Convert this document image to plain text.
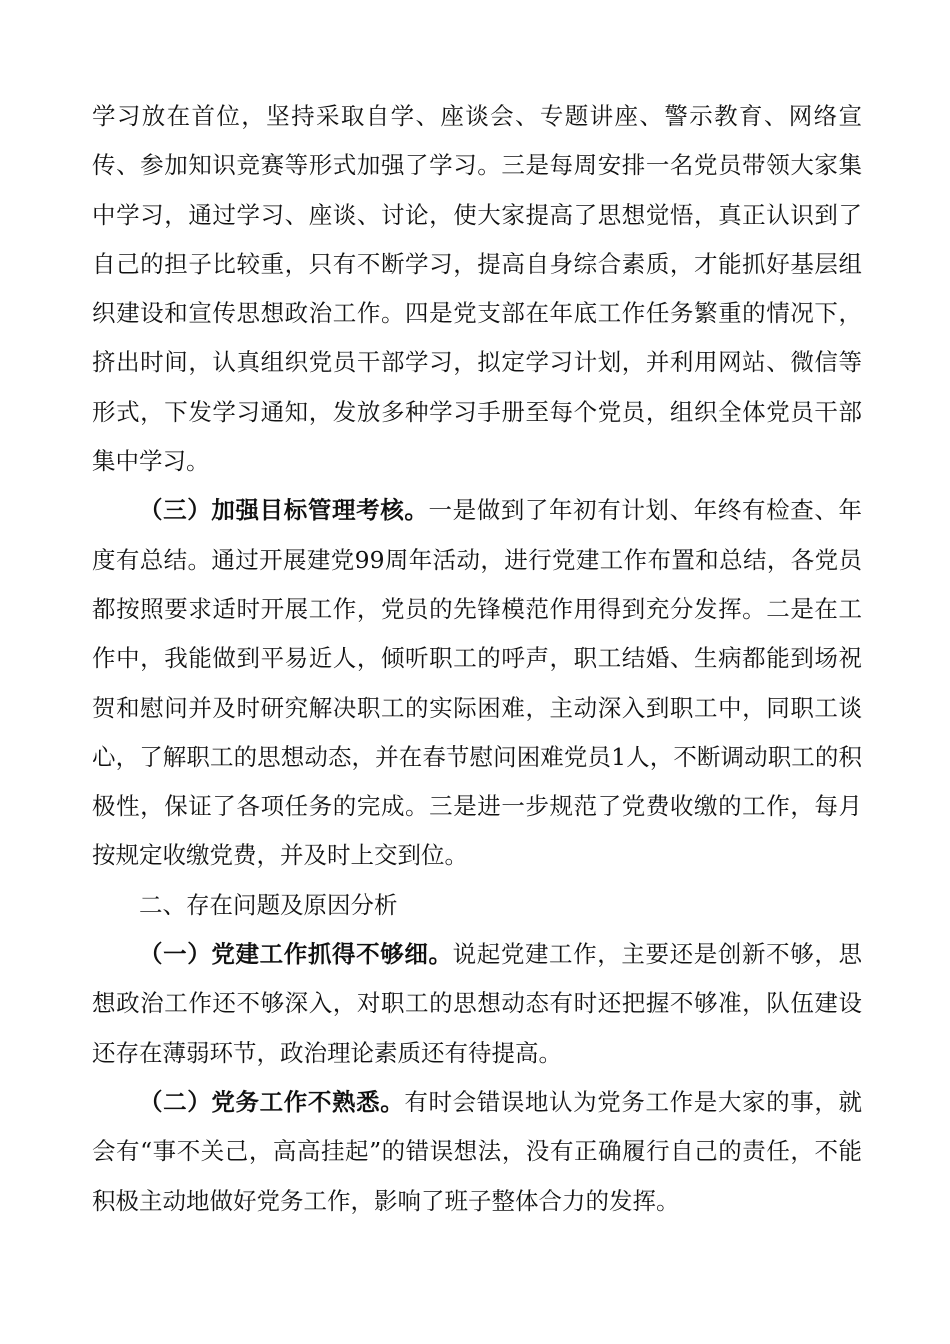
学习放在首位，坚持采取自学、座谈会、专题讲座、警示教育、网络宣传、参加知识竞赛等形式加强了学习。三是每周安排一名党员带领大家集中学习，通过学习、座谈、讨论，使大家提高了思想觉悟，真正认识到了自己的担子比较重，只有不断学习，提高自身综合素质，才能抓好基层组织建设和宣传思想政治工作。四是党支部在年底工作任务繁重的情况下，挤出时间，认真组织党员干部学习，拟定学习计划，并利用网站、微信等形式，下发学习通知，发放多种学习手册至每个党员，组织全体党员干部集中学习。

（三）加强目标管理考核。一是做到了年初有计划、年终有检查、年度有总结。通过开展建党99周年活动，进行党建工作布置和总结，各党员都按照要求适时开展工作，党员的先锋模范作用得到充分发挥。二是在工作中，我能做到平易近人，倾听职工的呼声，职工结婚、生病都能到场祝贺和慰问并及时研究解决职工的实际困难，主动深入到职工中，同职工谈心，了解职工的思想动态，并在春节慰问困难党员1人，不断调动职工的积极性，保证了各项任务的完成。三是进一步规范了党费收缴的工作，每月按规定收缴党费，并及时上交到位。

二、存在问题及原因分析

（一）党建工作抓得不够细。说起党建工作，主要还是创新不够，思想政治工作还不够深入，对职工的思想动态有时还把握不够准，队伍建设还存在薄弱环节，政治理论素质还有待提高。

（二）党务工作不熟悉。有时会错误地认为党务工作是大家的事，就会有“事不关己，高高挂起”的错误想法，没有正确履行自己的责任，不能积极主动地做好党务工作，影响了班子整体合力的发挥。
